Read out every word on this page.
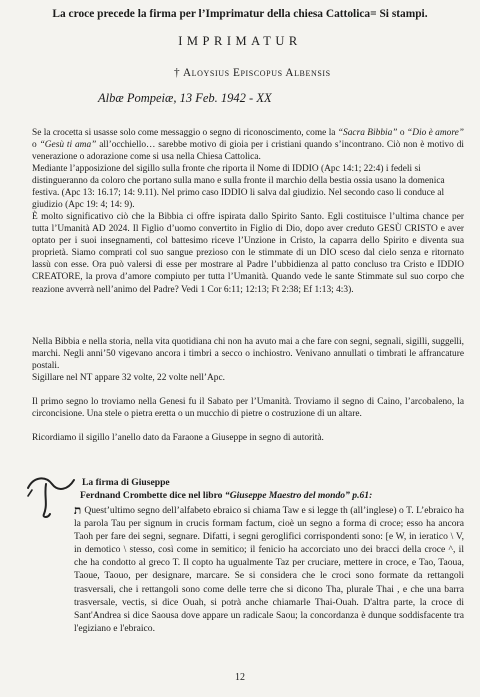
La croce precede la firma per l’Imprimatur della chiesa Cattolica= Si stampi.
IMPRIMATUR
† Aloysius Episcopus Albensis
Albæ Pompeiæ, 13 Feb. 1942 - XX

Se la crocetta si usasse solo come messaggio o segno di riconoscimento, come la “Sacra Bibbia” o “Dio è amore” o “Gesù ti ama” all’occhiello… sarebbe motivo di gioia per i cristiani quando s’incontrano. Ciò non è motivo di venerazione o adorazione come si usa nella Chiesa Cattolica.

Mediante l’apposizione del sigillo sulla fronte che riporta il Nome di IDDIO (Apc 14:1; 22:4) i fedeli si distingueranno da coloro che portano sulla mano e sulla fronte il marchio della bestia ossia usano la domenica festiva. (Apc 13: 16.17; 14: 9.11). Nel primo caso IDDIO li salva dal giudizio. Nel secondo caso li conduce al giudizio (Apc 19: 4; 14: 9).

È molto significativo ciò che la Bibbia ci offre ispirata dallo Spirito Santo. Egli costituisce l’ultima chance per tutta l’Umanità AD 2024. Il Figlio d’uomo convertito in Figlio di Dio, dopo aver creduto GESÙ CRISTO e aver optato per i suoi insegnamenti, col battesimo riceve l’Unzione in Cristo, la caparra dello Spirito e diventa sua proprietà. Siamo comprati col suo sangue prezioso con le stimmate di un DIO sceso dal cielo senza e ritornato lassù con esse. Ora può valersi di esse per mostrare al Padre l’ubbidienza al patto concluso tra Cristo e IDDIO CREATORE, la prova d’amore compiuto per tutta l’Umanità. Quando vede le sante Stimmate sul suo corpo che reazione avverrà nell’animo del Padre? Vedi 1 Cor 6:11; 12:13; Ft 2:38; Ef 1:13; 4:3).

Nella Bibbia e nella storia, nella vita quotidiana chi non ha avuto mai a che fare con segni, segnali, sigilli, suggelli, marchi. Negli anni’50 vigevano ancora i timbri a secco o inchiostro. Venivano annullati o timbrati le affrancature postali.

Sigillare nel NT appare 32 volte, 22 volte nell’Apc.

Il primo segno lo troviamo nella Genesi fu il Sabato per l’Umanità. Troviamo il segno di Caino, l’arcobaleno, la circoncisione. Una stele o pietra eretta o un mucchio di pietre o costruzione di un altare.

Ricordiamo il sigillo l’anello dato da Faraone a Giuseppe in segno di autorità.

La firma di Giuseppe
Ferdnand Crombette dice nel libro “Giuseppe Maestro del mondo” p.61:

ת Quest’ultimo segno dell’alfabeto ebraico si chiama Taw e si legge th (all’inglese) o T. L’ebraico ha la parola Tau per signum in crucis formam factum, cioè un segno a forma di croce; esso ha ancora Taoh per fare dei segni, segnare. Difatti, i segni geroglifici corrispondenti sono: [e W, in ieratico \ V, in demotico \ stesso, così come in semitico; il fenicio ha accorciato uno dei bracci della croce ^, il che ha condotto al greco T. Il copto ha ugualmente Taz per cruciare, mettere in croce, e Tao, Taoua, Taoue, Taouo, per designare, marcare. Se si considera che le croci sono formate da rettangoli trasversali, che i rettangoli sono come delle terre che si dicono Tha, plurale Thai , e che una barra trasversale, vectis, si dice Ouah, si potrà anche chiamarle Thai-Ouah. D'altra parte, la croce di Sant'Andrea si dice Saousa dove appare un radicale Saou; la concordanza è dunque soddisfacente tra l'egiziano e l'ebraico.

12
